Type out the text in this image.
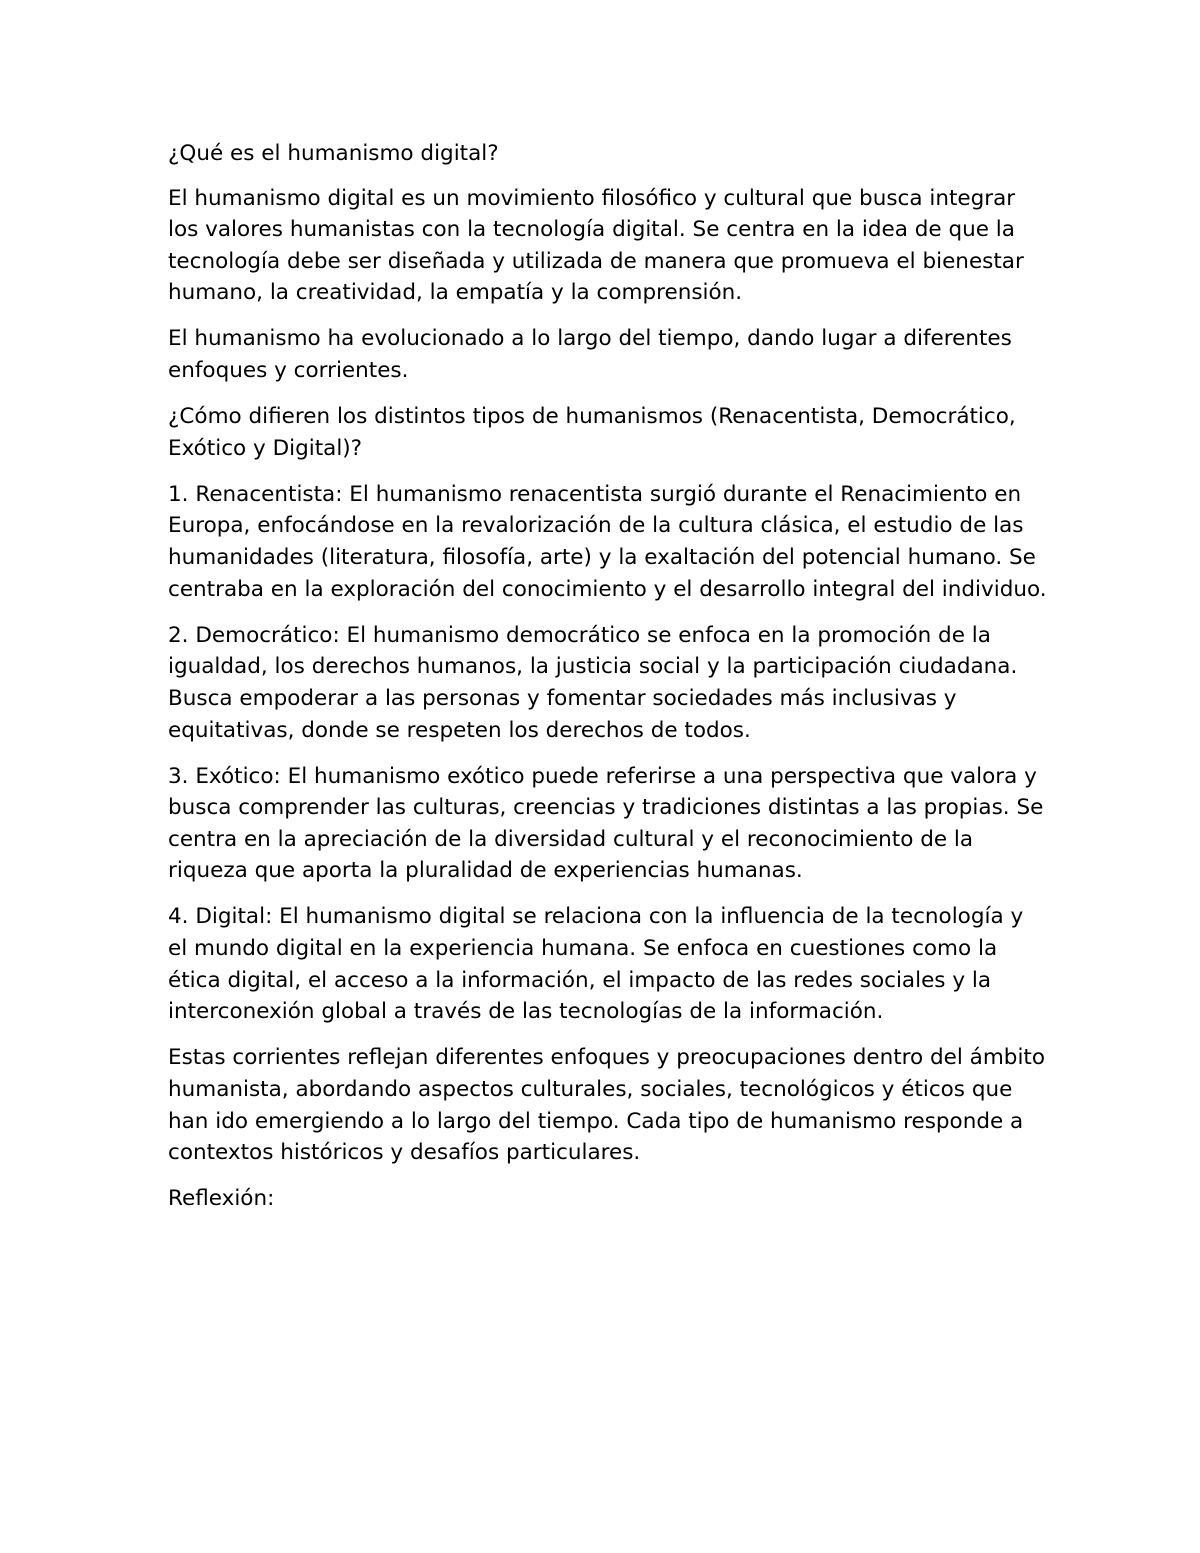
¿Qué es el humanismo digital?

El humanismo digital es un movimiento filosófico y cultural que busca integrar los valores humanistas con la tecnología digital. Se centra en la idea de que la tecnología debe ser diseñada y utilizada de manera que promueva el bienestar humano, la creatividad, la empatía y la comprensión.

El humanismo ha evolucionado a lo largo del tiempo, dando lugar a diferentes enfoques y corrientes.

¿Cómo difieren los distintos tipos de humanismos (Renacentista, Democrático, Exótico y Digital)?

1. Renacentista: El humanismo renacentista surgió durante el Renacimiento en Europa, enfocándose en la revalorización de la cultura clásica, el estudio de las humanidades (literatura, filosofía, arte) y la exaltación del potencial humano. Se centraba en la exploración del conocimiento y el desarrollo integral del individuo.

2. Democrático: El humanismo democrático se enfoca en la promoción de la igualdad, los derechos humanos, la justicia social y la participación ciudadana. Busca empoderar a las personas y fomentar sociedades más inclusivas y equitativas, donde se respeten los derechos de todos.

3. Exótico: El humanismo exótico puede referirse a una perspectiva que valora y busca comprender las culturas, creencias y tradiciones distintas a las propias. Se centra en la apreciación de la diversidad cultural y el reconocimiento de la riqueza que aporta la pluralidad de experiencias humanas.

4. Digital: El humanismo digital se relaciona con la influencia de la tecnología y el mundo digital en la experiencia humana. Se enfoca en cuestiones como la ética digital, el acceso a la información, el impacto de las redes sociales y la interconexión global a través de las tecnologías de la información.

Estas corrientes reflejan diferentes enfoques y preocupaciones dentro del ámbito humanista, abordando aspectos culturales, sociales, tecnológicos y éticos que han ido emergiendo a lo largo del tiempo. Cada tipo de humanismo responde a contextos históricos y desafíos particulares.

Reflexión:
